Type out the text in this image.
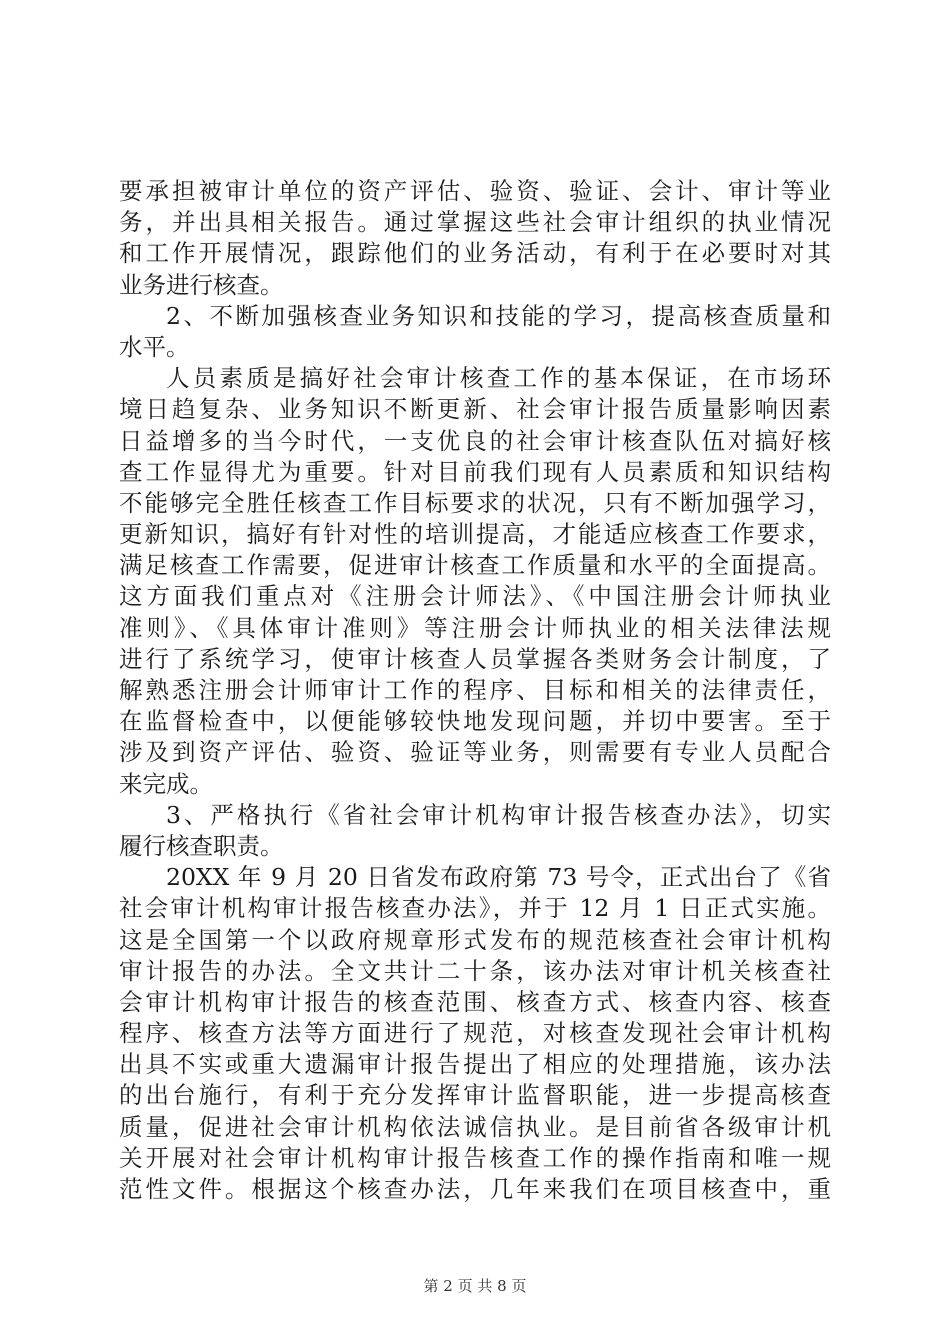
要承担被审计单位的资产评估、验资、验证、会计、审计等业
务，并出具相关报告。通过掌握这些社会审计组织的执业情况
和工作开展情况，跟踪他们的业务活动，有利于在必要时对其
业务进行核查。
2、不断加强核查业务知识和技能的学习，提高核查质量和
水平。
人员素质是搞好社会审计核查工作的基本保证，在市场环
境日趋复杂、业务知识不断更新、社会审计报告质量影响因素
日益增多的当今时代，一支优良的社会审计核查队伍对搞好核
查工作显得尤为重要。针对目前我们现有人员素质和知识结构
不能够完全胜任核查工作目标要求的状况，只有不断加强学习，
更新知识，搞好有针对性的培训提高，才能适应核查工作要求，
满足核查工作需要，促进审计核查工作质量和水平的全面提高。
这方面我们重点对《注册会计师法》、《中国注册会计师执业
准则》、《具体审计准则》等注册会计师执业的相关法律法规
进行了系统学习，使审计核查人员掌握各类财务会计制度，了
解熟悉注册会计师审计工作的程序、目标和相关的法律责任，
在监督检查中，以便能够较快地发现问题，并切中要害。至于
涉及到资产评估、验资、验证等业务，则需要有专业人员配合
来完成。
3、严格执行《省社会审计机构审计报告核查办法》，切实
履行核查职责。
20XX 年 9 月 20 日省发布政府第 73 号令，正式出台了《省
社会审计机构审计报告核查办法》，并于 12 月 1 日正式实施。
这是全国第一个以政府规章形式发布的规范核查社会审计机构
审计报告的办法。全文共计二十条，该办法对审计机关核查社
会审计机构审计报告的核查范围、核查方式、核查内容、核查
程序、核查方法等方面进行了规范，对核查发现社会审计机构
出具不实或重大遗漏审计报告提出了相应的处理措施，该办法
的出台施行，有利于充分发挥审计监督职能，进一步提高核查
质量，促进社会审计机构依法诚信执业。是目前省各级审计机
关开展对社会审计机构审计报告核查工作的操作指南和唯一规
范性文件。根据这个核查办法，几年来我们在项目核查中，重
第 2 页 共 8 页
